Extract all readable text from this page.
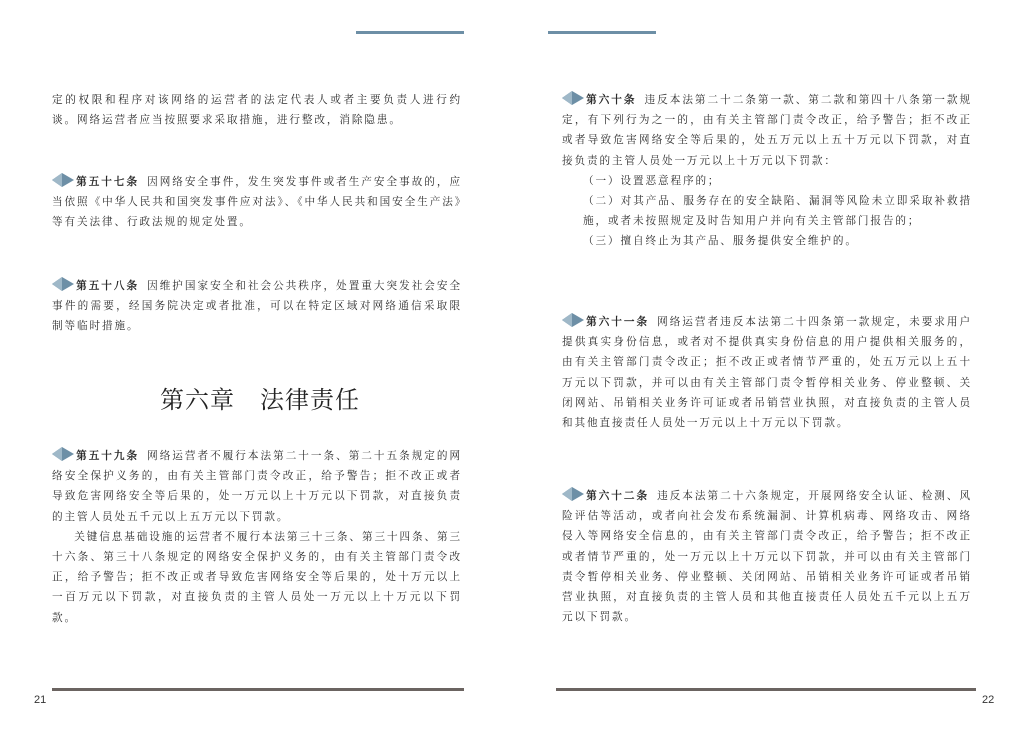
定的权限和程序对该网络的运营者的法定代表人或者主要负责人进行约谈。网络运营者应当按照要求采取措施，进行整改，消除隐患。

第五十七条 因网络安全事件，发生突发事件或者生产安全事故的，应当依照《中华人民共和国突发事件应对法》、《中华人民共和国安全生产法》等有关法律、行政法规的规定处置。
第五十八条 因维护国家安全和社会公共秩序，处置重大突发社会安全事件的需要，经国务院决定或者批准，可以在特定区域对网络通信采取限制等临时措施。
第六章　法律责任
第五十九条 网络运营者不履行本法第二十一条、第二十五条规定的网络安全保护义务的，由有关主管部门责令改正，给予警告；拒不改正或者导致危害网络安全等后果的，处一万元以上十万元以下罚款，对直接负责的主管人员处五千元以上五万元以下罚款。
关键信息基础设施的运营者不履行本法第三十三条、第三十四条、第三十六条、第三十八条规定的网络安全保护义务的，由有关主管部门责令改正，给予警告；拒不改正或者导致危害网络安全等后果的，处十万元以上一百万元以下罚款，对直接负责的主管人员处一万元以上十万元以下罚款。
21
第六十条 违反本法第二十二条第一款、第二款和第四十八条第一款规定，有下列行为之一的，由有关主管部门责令改正，给予警告；拒不改正或者导致危害网络安全等后果的，处五万元以上五十万元以下罚款，对直接负责的主管人员处一万元以上十万元以下罚款：
（一）设置恶意程序的；
（二）对其产品、服务存在的安全缺陷、漏洞等风险未立即采取补救措施，或者未按照规定及时告知用户并向有关主管部门报告的；
（三）擅自终止为其产品、服务提供安全维护的。
第六十一条 网络运营者违反本法第二十四条第一款规定，未要求用户提供真实身份信息，或者对不提供真实身份信息的用户提供相关服务的，由有关主管部门责令改正；拒不改正或者情节严重的，处五万元以上五十万元以下罚款，并可以由有关主管部门责令暂停相关业务、停业整顿、关闭网站、吊销相关业务许可证或者吊销营业执照，对直接负责的主管人员和其他直接责任人员处一万元以上十万元以下罚款。
第六十二条 违反本法第二十六条规定，开展网络安全认证、检测、风险评估等活动，或者向社会发布系统漏洞、计算机病毒、网络攻击、网络侵入等网络安全信息的，由有关主管部门责令改正，给予警告；拒不改正或者情节严重的，处一万元以上十万元以下罚款，并可以由有关主管部门责令暂停相关业务、停业整顿、关闭网站、吊销相关业务许可证或者吊销营业执照，对直接负责的主管人员和其他直接责任人员处五千元以上五万元以下罚款。
22
